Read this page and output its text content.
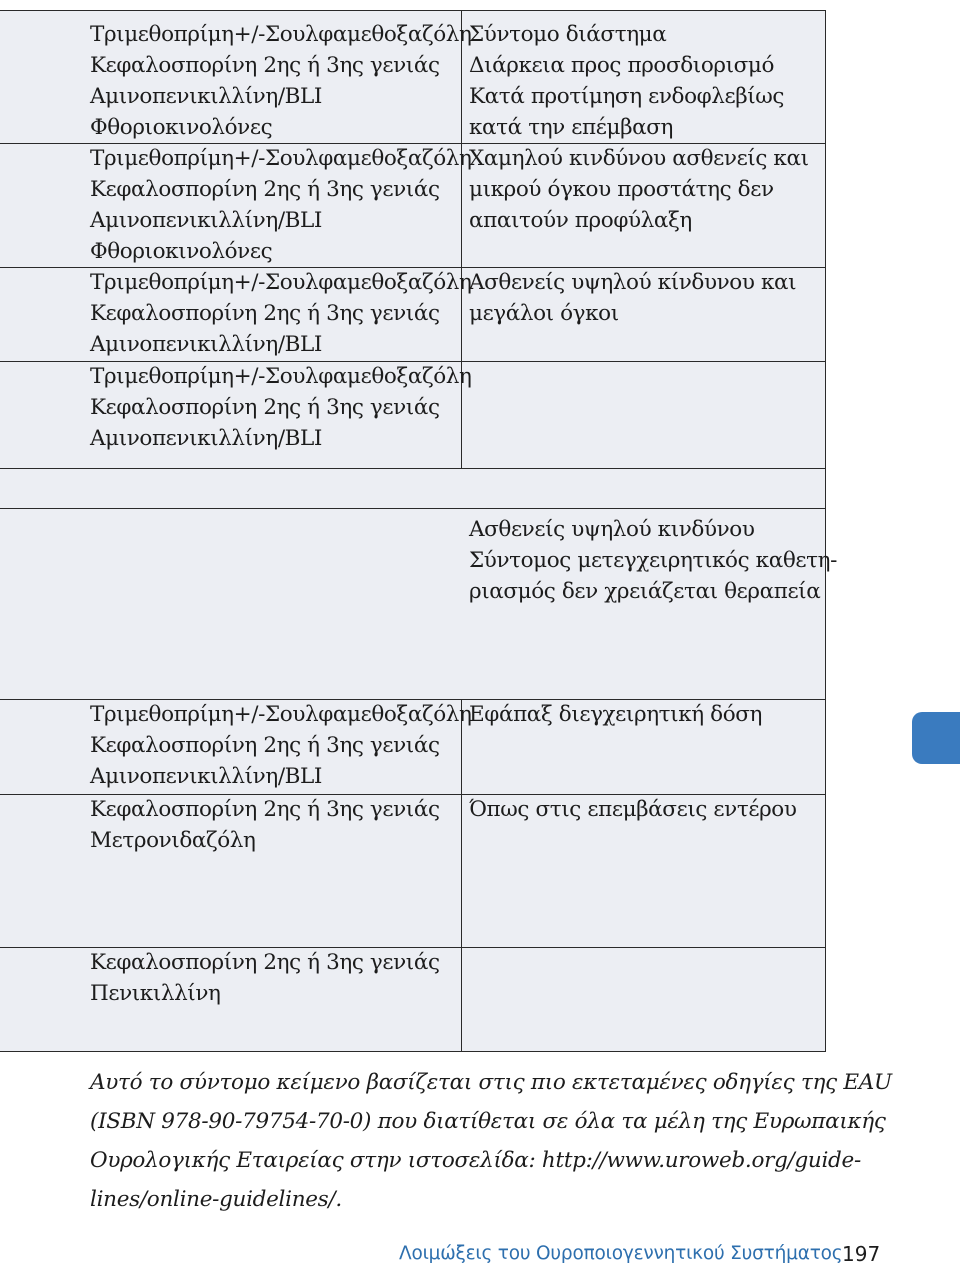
Τριμεθοπρίμη+/-Σουλφαμεθοξαζόλη
Κεφαλοσπορίνη 2ης ή 3ης γενιάς
Αμινοπενικιλλίνη/BLI
Φθοριοκινολόνες
Σύντομο διάστημα
Διάρκεια προς προσδιορισμό
Κατά προτίμηση ενδοφλεβίως
κατά την επέμβαση
Τριμεθοπρίμη+/-Σουλφαμεθοξαζόλη
Κεφαλοσπορίνη 2ης ή 3ης γενιάς
Αμινοπενικιλλίνη/BLI
Φθοριοκινολόνες
Χαμηλού κινδύνου ασθενείς και
μικρού όγκου προστάτης δεν
απαιτούν προφύλαξη
Τριμεθοπρίμη+/-Σουλφαμεθοξαζόλη
Κεφαλοσπορίνη 2ης ή 3ης γενιάς
Αμινοπενικιλλίνη/BLI
Ασθενείς υψηλού κίνδυνου και
μεγάλοι όγκοι
Τριμεθοπρίμη+/-Σουλφαμεθοξαζόλη
Κεφαλοσπορίνη 2ης ή 3ης γενιάς
Αμινοπενικιλλίνη/BLI
Ασθενείς υψηλού κινδύνου
Σύντομος μετεγχειρητικός καθετη-
ριασμός δεν χρειάζεται θεραπεία
Τριμεθοπρίμη+/-Σουλφαμεθοξαζόλη
Κεφαλοσπορίνη 2ης ή 3ης γενιάς
Αμινοπενικιλλίνη/BLI
Εφάπαξ διεγχειρητική δόση
Κεφαλοσπορίνη 2ης ή 3ης γενιάς
Μετρονιδαζόλη
Όπως στις επεμβάσεις εντέρου
Κεφαλοσπορίνη 2ης ή 3ης γενιάς
Πενικιλλίνη
Αυτό το σύντομο κείμενο βασίζεται στις πιο εκτεταμένες οδηγίες της EAU
(ISBN 978-90-79754-70-0) που διατίθεται σε όλα τα μέλη της Ευρωπαικής
Ουρολογικής Εταιρείας στην ιστοσελίδα: http://www.uroweb.org/guide-
lines/online-guidelines/.
Λοιμώξεις του Ουροποιογεννητικού Συστήματος 197
